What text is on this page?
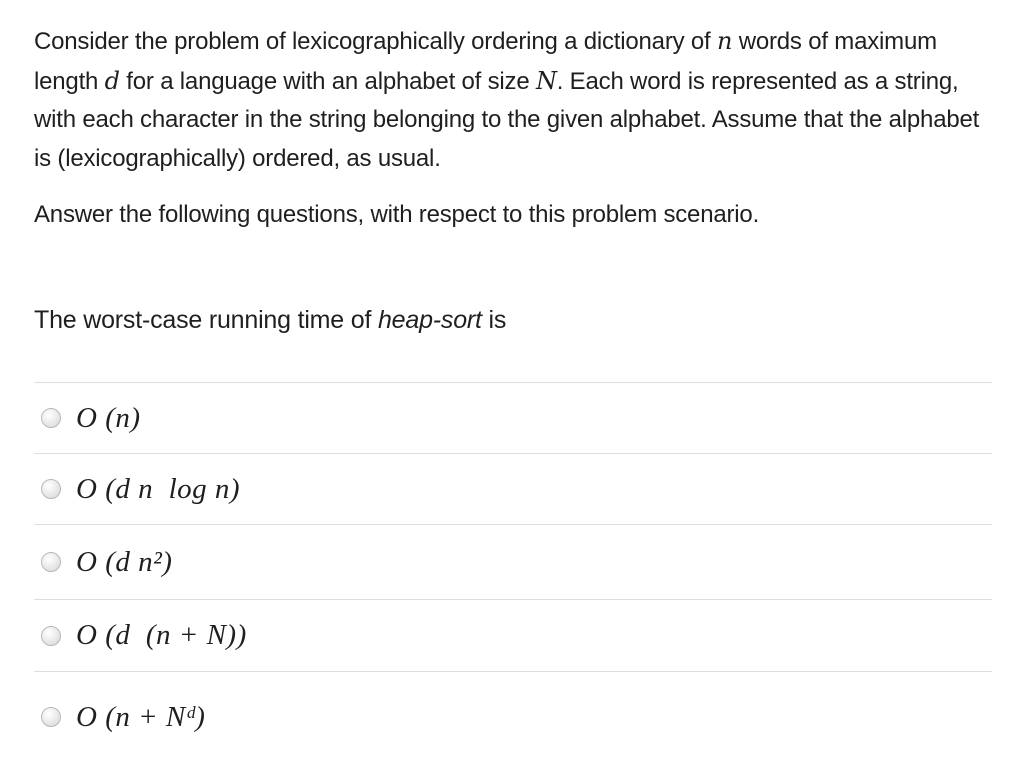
Consider the problem of lexicographically ordering a dictionary of n words of maximum length d for a language with an alphabet of size N. Each word is represented as a string, with each character in the string belonging to the given alphabet. Assume that the alphabet is (lexicographically) ordered, as usual.

Answer the following questions, with respect to this problem scenario.

The worst-case running time of heap-sort is
O (n)
O (d n  log n)
O (d n²)
O (d  (n + N))
O (n + Nᵈ)
